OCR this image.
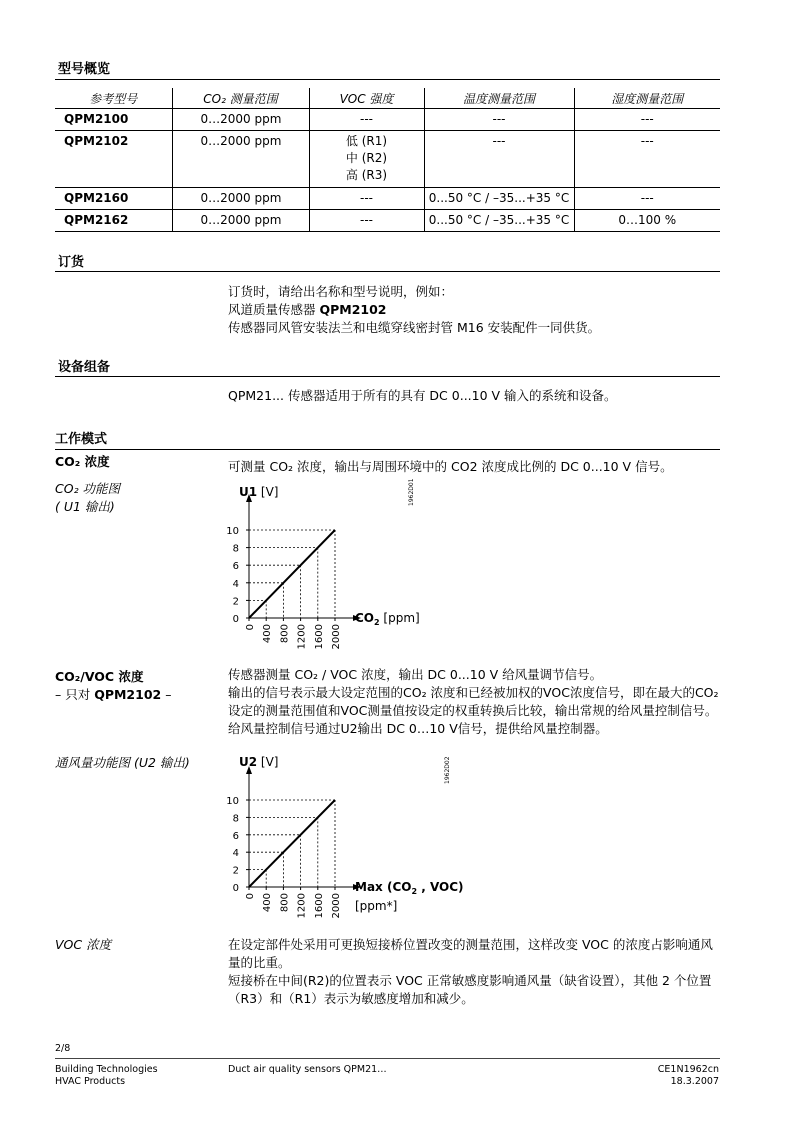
型号概览
参考型号	CO₂ 测量范围	VOC 强度	温度测量范围	湿度测量范围
QPM2100	0…2000 ppm	---	---	---
QPM2102	0…2000 ppm	低 (R1)
中 (R2)
高 (R3)	---	---
QPM2160	0…2000 ppm	---	0...50 °C / –35...+35 °C	---
QPM2162	0…2000 ppm	---	0...50 °C / –35...+35 °C	0…100 %
订货
订货时，请给出名称和型号说明，例如：
风道质量传感器 QPM2102
传感器同风管安装法兰和电缆穿线密封管 M16 安装配件一同供货。
设备组备
QPM21... 传感器适用于所有的具有 DC 0...10 V 输入的系统和设备。
工作模式
CO₂ 浓度	可测量 CO₂ 浓度，输出与周围环境中的 CO2 浓度成比例的 DC 0...10 V 信号。
CO₂ 功能图
( U1 输出)
0
2
4
6
8
10
0 400 800 1200 1600 2000
U1 [V]
$CO_2$ [ppm]
1962D01
CO₂/VOC 浓度
– 只对 QPM2102 –
传感器测量 CO₂ / VOC 浓度，输出 DC 0...10 V 给风量调节信号。
输出的信号表示最大设定范围的CO₂ 浓度和已经被加权的VOC浓度信号，即在最大的CO₂ 设定的测量范围值和VOC测量值按设定的权重转换后比较，输出常规的给风量控制信号。
给风量控制信号通过U2输出 DC 0…10 V信号，提供给风量控制器。
通风量功能图 (U2 输出)
0
2
4
6
8
10
0 400 800 1200 1600 2000
U2 [V]
Max ($CO_2$ , VOC)
[ppm*]
1962D02
VOC 浓度	在设定部件处采用可更换短接桥位置改变的测量范围，这样改变 VOC 的浓度占影响通风量的比重。
短接桥在中间(R2)的位置表示 VOC 正常敏感度影响通风量（缺省设置），其他 2 个位置（R3）和（R1）表示为敏感度增加和减少。
2/8
Building Technologies
HVAC Products
Duct air quality sensors QPM21…	CE1N1962cn
18.3.2007
